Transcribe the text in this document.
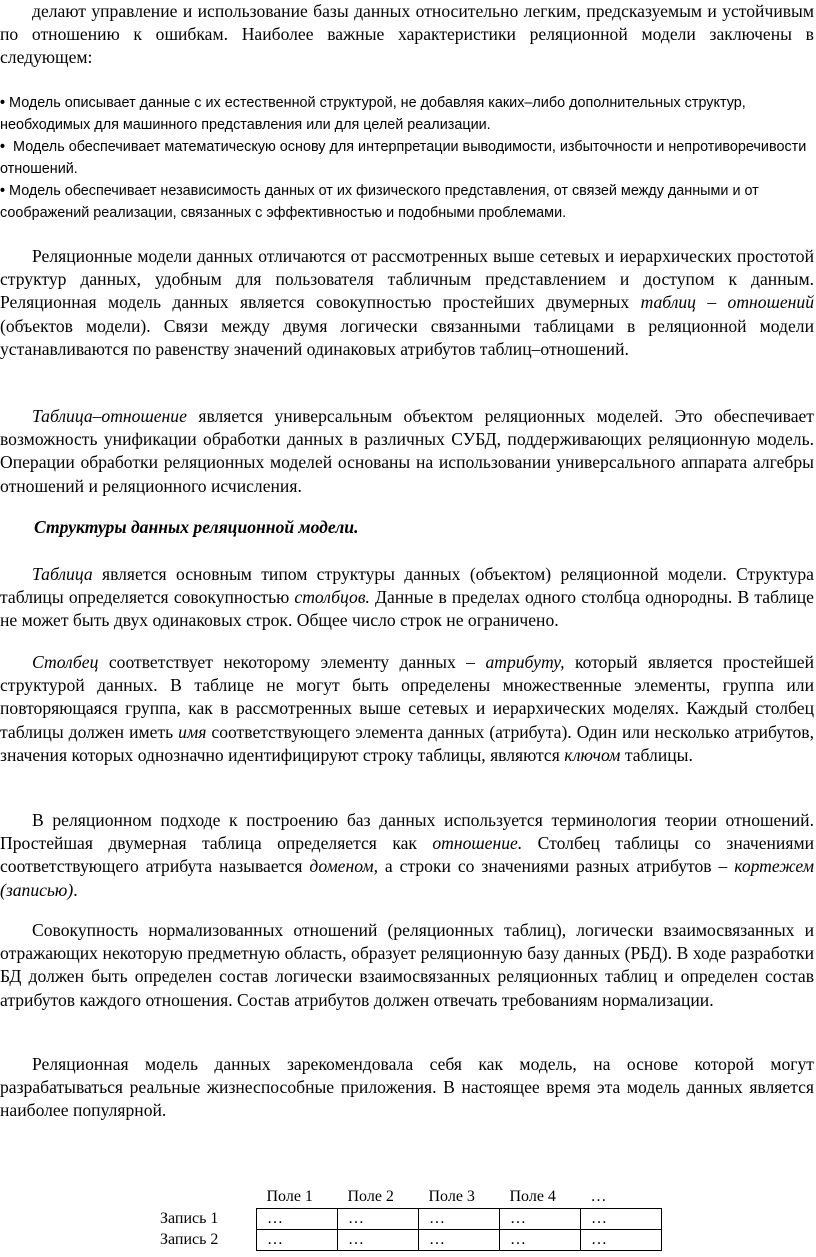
делают управление и использование базы данных относительно легким, предсказуемым и устойчивым по отношению к ошибкам. Наиболее важные характеристики реляционной модели заключены в следующем:

• Модель описывает данные с их естественной структурой, не добавляя каких–либо дополнительных структур, необходимых для машинного представления или для целей реализации.

• Модель обеспечивает математическую основу для интерпретации выводимости, избыточности и непротиворечивости отношений.

• Модель обеспечивает независимость данных от их физического представления, от связей между данными и от соображений реализации, связанных с эффективностью и подобными проблемами.

Реляционные модели данных отличаются от рассмотренных выше сетевых и иерархических простотой структур данных, удобным для пользователя табличным представлением и доступом к данным. Реляционная модель данных является совокупностью простейших двумерных таблиц – отношений (объектов модели). Связи между двумя логически связанными таблицами в реляционной модели устанавливаются по равенству значений одинаковых атрибутов таблиц–отношений.

Таблица–отношение является универсальным объектом реляционных моделей. Это обеспечивает возможность унификации обработки данных в различных СУБД, поддерживающих реляционную модель. Операции обработки реляционных моделей основаны на использовании универсального аппарата алгебры отношений и реляционного исчисления.

Структуры данных реляционной модели.

Таблица является основным типом структуры данных (объектом) реляционной модели. Структура таблицы определяется совокупностью столбцов. Данные в пределах одного столбца однородны. В таблице не может быть двух одинаковых строк. Общее число строк не ограничено.

Столбец соответствует некоторому элементу данных – атрибуту, который является простейшей структурой данных. В таблице не могут быть определены множественные элементы, группа или повторяющаяся группа, как в рассмотренных выше сетевых и иерархических моделях. Каждый столбец таблицы должен иметь имя соответствующего элемента данных (атрибута). Один или несколько атрибутов, значения которых однозначно идентифицируют строку таблицы, являются ключом таблицы.

В реляционном подходе к построению баз данных используется терминология теории отношений. Простейшая двумерная таблица определяется как отношение. Столбец таблицы со значениями соответствующего атрибута называется доменом, а строки со значениями разных атрибутов – кортежем (записью).

Совокупность нормализованных отношений (реляционных таблиц), логически взаимосвязанных и отражающих некоторую предметную область, образует реляционную базу данных (РБД). В ходе разработки БД должен быть определен состав логически взаимосвязанных реляционных таблиц и определен состав атрибутов каждого отношения. Состав атрибутов должен отвечать требованиям нормализации.

Реляционная модель данных зарекомендовала себя как модель, на основе которой могут разрабатываться реальные жизнеспособные приложения. В настоящее время эта модель данных является наиболее популярной.

	Поле 1	Поле 2	Поле 3	Поле 4	…
Запись 1	…	…	…	…	…
Запись 2	…	…	…	…	…
